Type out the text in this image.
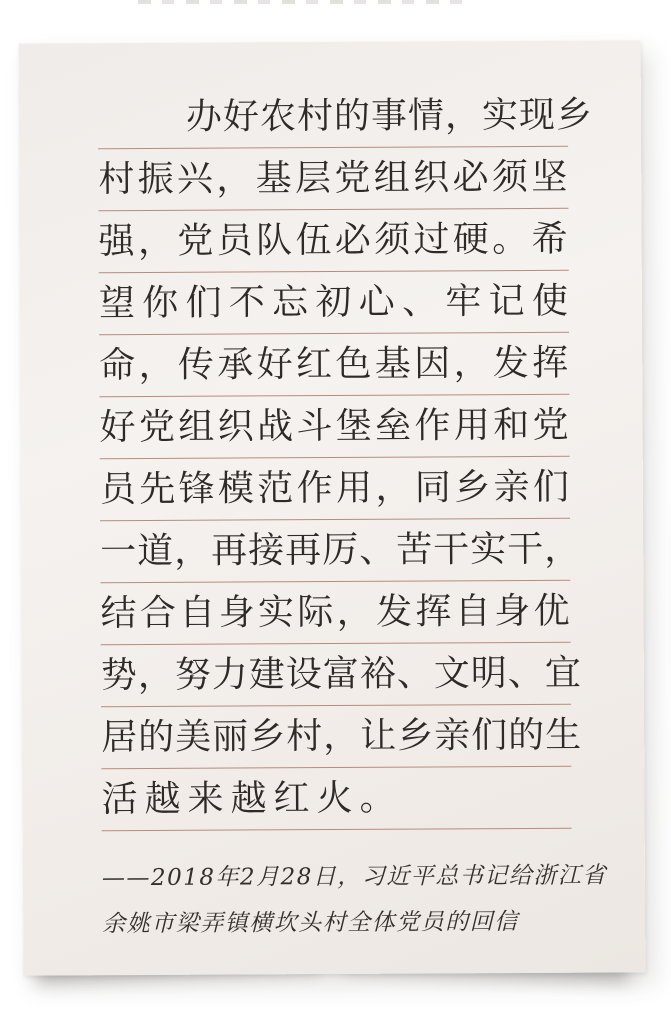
办好农村的事情，实现乡
村振兴，基层党组织必须坚
强，党员队伍必须过硬。希
望你们不忘初心、牢记使
命，传承好红色基因，发挥
好党组织战斗堡垒作用和党
员先锋模范作用，同乡亲们
一道，再接再厉、苦干实干，
结合自身实际，发挥自身优
势，努力建设富裕、文明、宜
居的美丽乡村，让乡亲们的生
活越来越红火。
——2018年2月28日，习近平总书记给浙江省
余姚市梁弄镇横坎头村全体党员的回信
